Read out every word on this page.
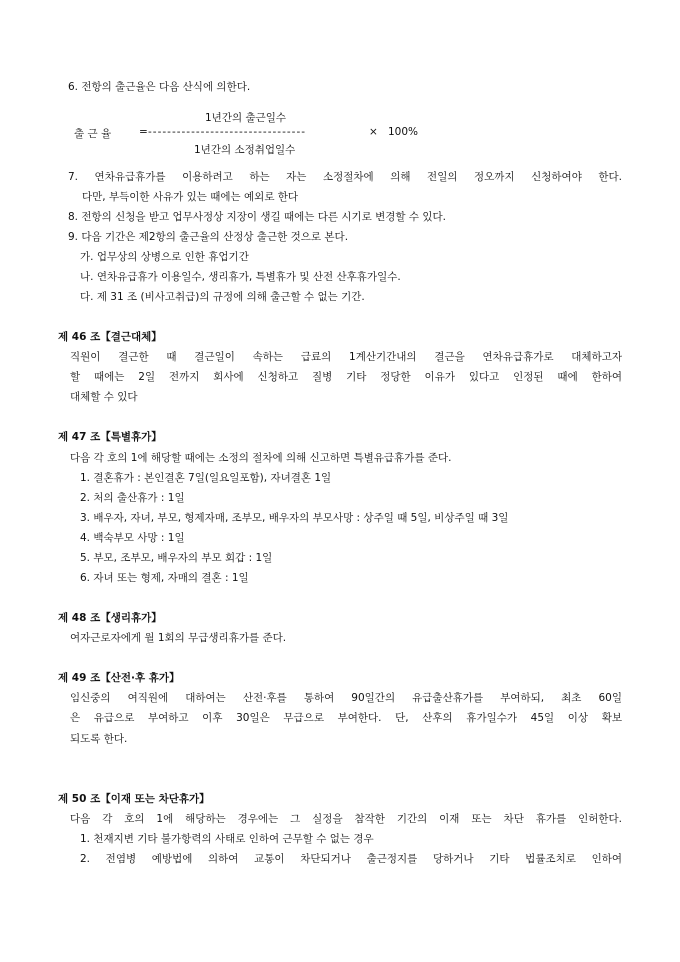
6. 전항의 출근율은 다음 산식에 의한다.
1년간의 출근일수
출 근 율	= ---------------------------------	× 100%
1년간의 소정취업일수
7. 연차유급휴가를 이용하려고 하는 자는 소정절차에 의해 전일의 정오까지 신청하여야 한다.
다만, 부득이한 사유가 있는 때에는 예외로 한다
8. 전항의 신청을 받고 업무사정상 지장이 생길 때에는 다른 시기로 변경할 수 있다.
9. 다음 기간은 제2항의 출근율의 산정상 출근한 것으로 본다.
가. 업무상의 상병으로 인한 휴업기간
나. 연차유급휴가 이용일수, 생리휴가, 특별휴가 및 산전 산후휴가일수.
다. 제 31 조 (비사고취급)의 규정에 의해 출근할 수 없는 기간.
제 46 조【결근대체】
직원이 결근한 때 결근일이 속하는 급료의 1계산기간내의 결근을 연차유급휴가로 대체하고자
할 때에는 2일 전까지 회사에 신청하고 질병 기타 정당한 이유가 있다고 인정된 때에 한하여
대체할 수 있다
제 47 조【특별휴가】
다음 각 호의 1에 해당할 때에는 소정의 절차에 의해 신고하면 특별유급휴가를 준다.
1. 결혼휴가 : 본인결혼 7일(일요일포함), 자녀결혼 1일
2. 처의 출산휴가 : 1일
3. 배우자, 자녀, 부모, 형제자매, 조부모, 배우자의 부모사망 : 상주일 때 5일, 비상주일 때 3일
4. 백숙부모 사망 : 1일
5. 부모, 조부모, 배우자의 부모 회갑 : 1일
6. 자녀 또는 형제, 자매의 결혼 : 1일
제 48 조【생리휴가】
여자근로자에게 월 1회의 무급생리휴가를 준다.
제 49 조【산전·후 휴가】
임신중의 여직원에 대하여는 산전·후를 통하여 90일간의 유급출산휴가를 부여하되, 최초 60일
은 유급으로 부여하고 이후 30일은 무급으로 부여한다. 단, 산후의 휴가일수가 45일 이상 확보
되도록 한다.
제 50 조【이재 또는 차단휴가】
다음 각 호의 1에 해당하는 경우에는 그 실정을 참작한 기간의 이재 또는 차단 휴가를 인허한다.
1. 천재지변 기타 불가항력의 사태로 인하여 근무할 수 없는 경우
2. 전염병 예방법에 의하여 교통이 차단되거나 출근정지를 당하거나 기타 법률조치로 인하여
